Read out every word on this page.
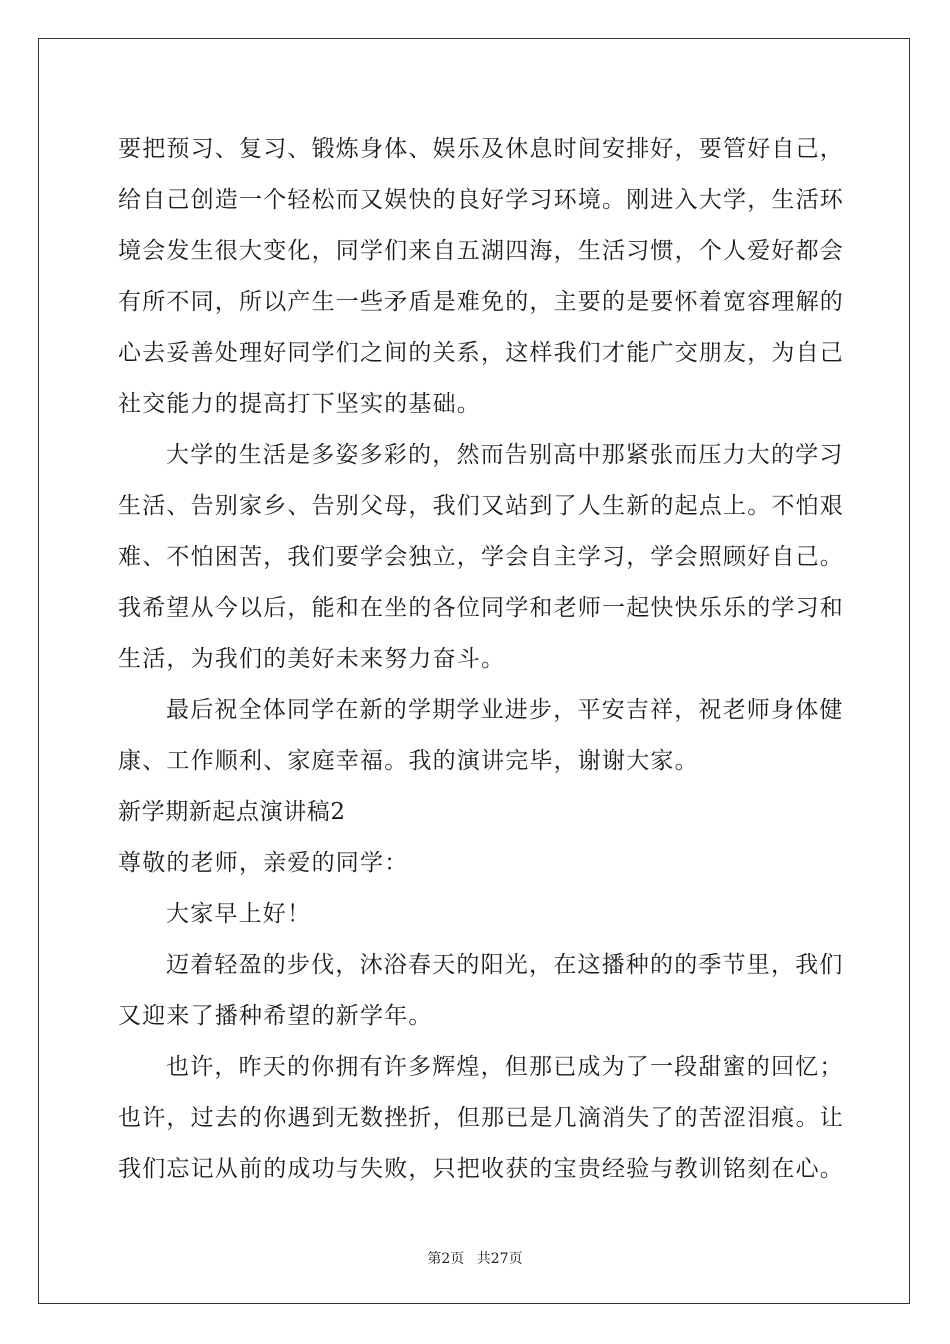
要把预习、复习、锻炼身体、娱乐及休息时间安排好，要管好自己，
给自己创造一个轻松而又娱快的良好学习环境。刚进入大学，生活环
境会发生很大变化，同学们来自五湖四海，生活习惯，个人爱好都会
有所不同，所以产生一些矛盾是难免的，主要的是要怀着宽容理解的
心去妥善处理好同学们之间的关系，这样我们才能广交朋友，为自己
社交能力的提高打下坚实的基础。
大学的生活是多姿多彩的，然而告别高中那紧张而压力大的学习
生活、告别家乡、告别父母，我们又站到了人生新的起点上。不怕艰
难、不怕困苦，我们要学会独立，学会自主学习，学会照顾好自己。
我希望从今以后，能和在坐的各位同学和老师一起快快乐乐的学习和
生活，为我们的美好未来努力奋斗。
最后祝全体同学在新的学期学业进步，平安吉祥，祝老师身体健
康、工作顺利、家庭幸福。我的演讲完毕，谢谢大家。
新学期新起点演讲稿2
尊敬的老师，亲爱的同学：
大家早上好！
迈着轻盈的步伐，沐浴春天的阳光，在这播种的的季节里，我们
又迎来了播种希望的新学年。
也许，昨天的你拥有许多辉煌，但那已成为了一段甜蜜的回忆；
也许，过去的你遇到无数挫折，但那已是几滴消失了的苦涩泪痕。让
我们忘记从前的成功与失败，只把收获的宝贵经验与教训铭刻在心。
第2页 共27页
